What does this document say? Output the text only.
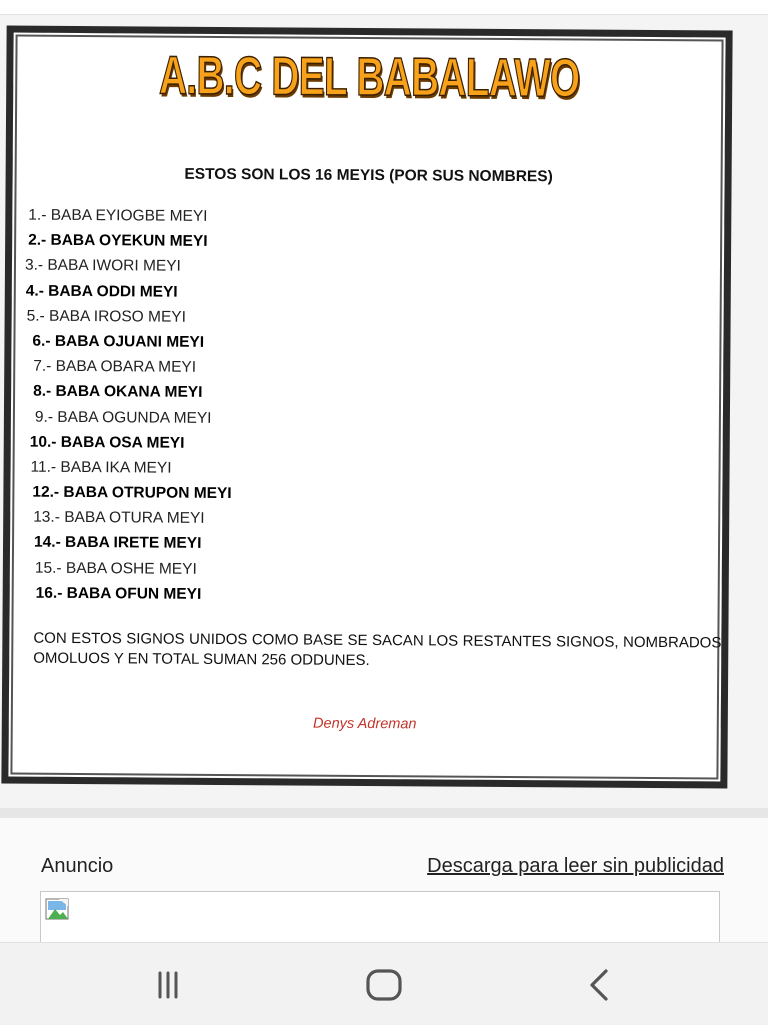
A.B.C DEL BABALAWO
ESTOS SON LOS 16 MEYIS (POR SUS NOMBRES)
1.- BABA EYIOGBE MEYI
2.- BABA OYEKUN MEYI
3.- BABA IWORI MEYI
4.- BABA ODDI MEYI
5.- BABA IROSO MEYI
6.- BABA OJUANI MEYI
7.- BABA OBARA MEYI
8.- BABA OKANA MEYI
9.- BABA OGUNDA MEYI
10.- BABA OSA MEYI
11.- BABA IKA MEYI
12.- BABA OTRUPON MEYI
13.- BABA OTURA MEYI
14.- BABA IRETE MEYI
15.- BABA OSHE MEYI
16.- BABA OFUN MEYI
CON ESTOS SIGNOS UNIDOS COMO BASE SE SACAN LOS RESTANTES SIGNOS, NOMBRADOS OMOLUOS Y EN TOTAL SUMAN 256 ODDUNES.
Denys Adreman
Anuncio	Descarga para leer sin publicidad
